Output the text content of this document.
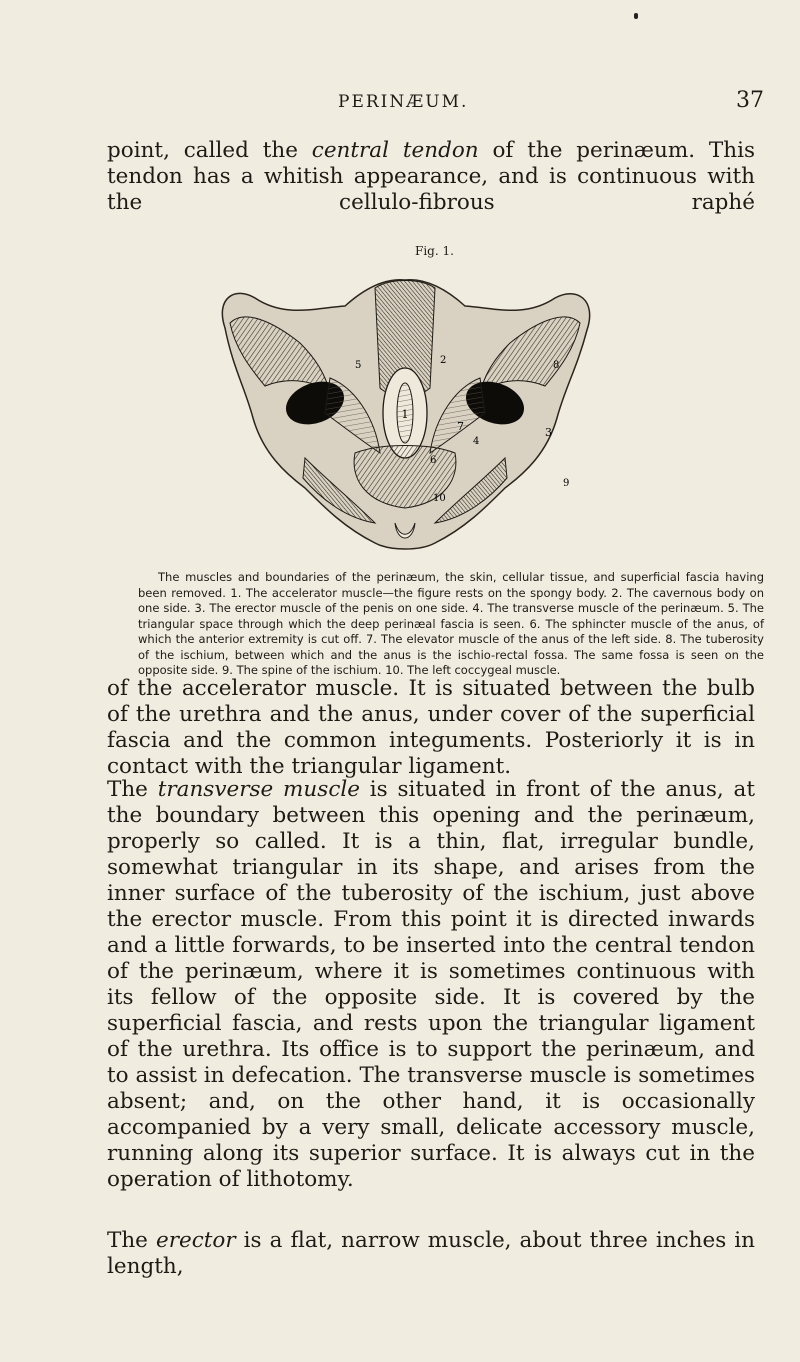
PERINÆUM.	37

point, called the central tendon of the perinæum. This tendon has a whitish appearance, and is continuous with the cellulo-fibrous raphé

Fig. 1.
1
2
3
4
5
6
7
8
9
10
The muscles and boundaries of the perinæum, the skin, cellular tissue, and superficial fascia having been removed. 1. The accelerator muscle—the figure rests on the spongy body. 2. The cavernous body on one side. 3. The erector muscle of the penis on one side. 4. The transverse muscle of the perinæum. 5. The triangular space through which the deep perinæal fascia is seen. 6. The sphincter muscle of the anus, of which the anterior extremity is cut off. 7. The elevator muscle of the anus of the left side. 8. The tuberosity of the ischium, between which and the anus is the ischio-rectal fossa. The same fossa is seen on the opposite side. 9. The spine of the ischium. 10. The left coccygeal muscle.

of the accelerator muscle. It is situated between the bulb of the urethra and the anus, under cover of the superficial fascia and the common integuments. Posteriorly it is in contact with the triangular ligament.

The transverse muscle is situated in front of the anus, at the boundary between this opening and the perinæum, properly so called. It is a thin, flat, irregular bundle, somewhat triangular in its shape, and arises from the inner surface of the tuberosity of the ischium, just above the erector muscle. From this point it is directed inwards and a little forwards, to be inserted into the central tendon of the perinæum, where it is sometimes continuous with its fellow of the opposite side. It is covered by the superficial fascia, and rests upon the triangular ligament of the urethra. Its office is to support the perinæum, and to assist in defecation. The transverse muscle is sometimes absent; and, on the other hand, it is occasionally accompanied by a very small, delicate accessory muscle, running along its superior surface. It is always cut in the operation of lithotomy.

The erector is a flat, narrow muscle, about three inches in length,
